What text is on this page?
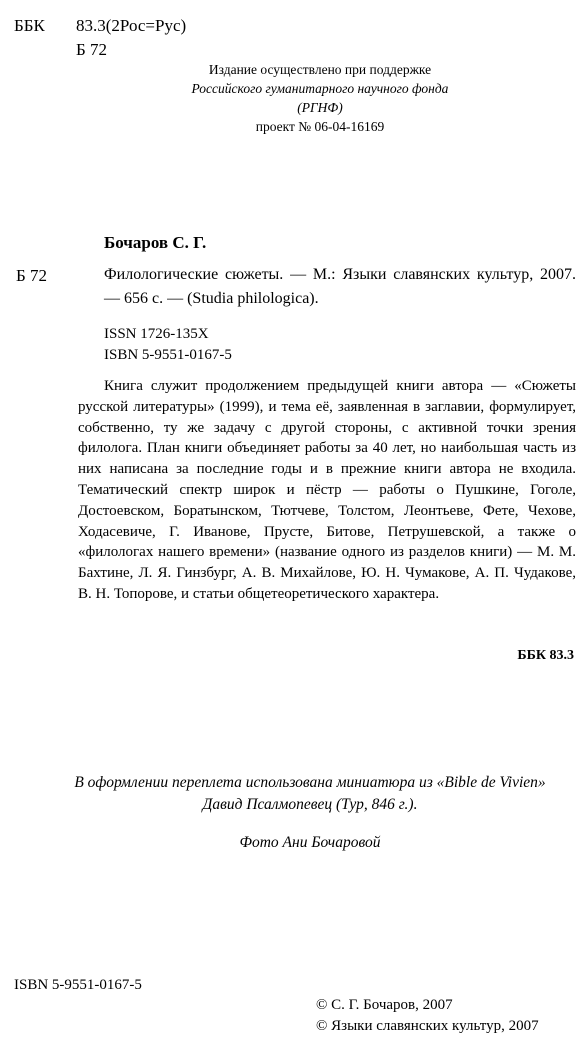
ББК 83.3(2Рос=Рус)
Б 72
Издание осуществлено при поддержке
Российского гуманитарного научного фонда
(РГНФ)
проект № 06-04-16169
Бочаров С. Г.
Б 72	Филологические сюжеты. — М.: Языки славянских культур, 2007. — 656 с. — (Studia philologica).
ISSN 1726-135X
ISBN 5-9551-0167-5
Книга служит продолжением предыдущей книги автора — «Сюжеты русской литературы» (1999), и тема её, заявленная в заглавии, формулирует, собственно, ту же задачу с другой стороны, с активной точки зрения филолога. План книги объединяет работы за 40 лет, но наибольшая часть из них написана за последние годы и в прежние книги автора не входила. Тематический спектр широк и пёстр — работы о Пушкине, Гоголе, Достоевском, Боратынском, Тютчеве, Толстом, Леонтьеве, Фете, Чехове, Ходасевиче, Г. Иванове, Прусте, Битове, Петрушевской, а также о «филологах нашего времени» (название одного из разделов книги) — М. М. Бахтине, Л. Я. Гинзбург, А. В. Михайлове, Ю. Н. Чумакове, А. П. Чудакове, В. Н. Топорове, и статьи общетеоретического характера.
ББК 83.3
В оформлении переплета использована миниатюра из «Bible de Vivien» Давид Псалмопевец (Тур, 846 г.).
Фото Ани Бочаровой
ISBN 5-9551-0167-5
© С. Г. Бочаров, 2007
© Языки славянских культур, 2007
